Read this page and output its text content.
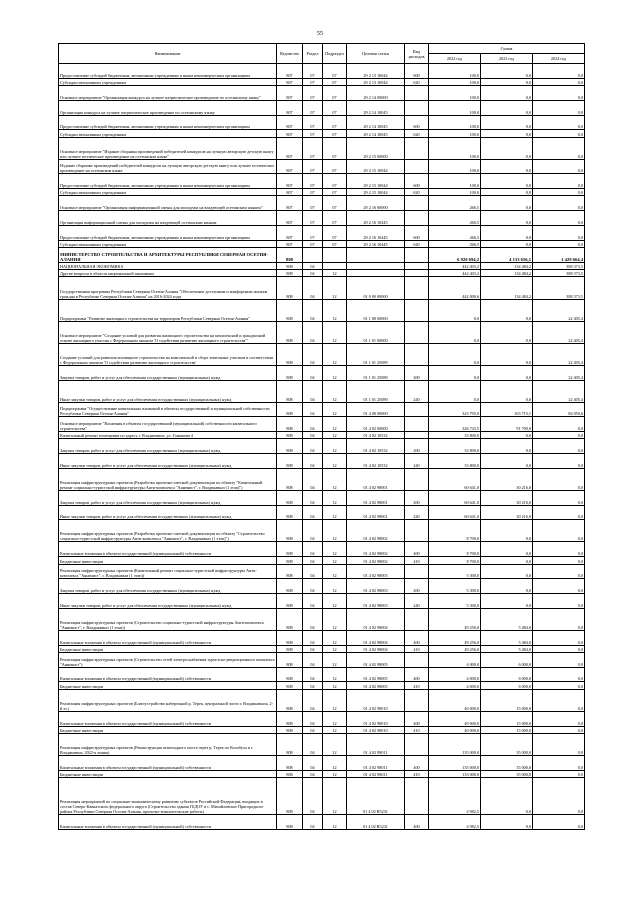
55
Наименование	Ведомство	Раздел	Подраздел	Целевая статья	Вид расходов	Сумма		
						2022 год	2023 год	2024 год
Предоставление субсидий бюджетным, автономным учреждениям и иным некоммерческим организациям	807	07	07	29 2 13 10044	600	100,0	0,0	0,0
Субсидии автономным учреждениям	807	07	07	29 2 13 10044	620	100,0	0,0	0,0
Основное мероприятие "Организация конкурса на лучшее патриотическое произведение по осетинскому языку"	807	07	07	29 2 14 00000		100,0	0,0	0,0
Организация конкурса на лучшее патриотическое произведение по осетинскому языку	807	07	07	29 2 14 10045		100,0	0,0	0,0
Предоставление субсидий бюджетным, автономным учреждениям и иным некоммерческим организациям	807	07	07	29 2 14 10045	600	100,0	0,0	0,0
Субсидии автономным учреждениям	807	07	07	29 2 14 10045	620	100,0	0,0	0,0
Основное мероприятие "Издание сборника произведений победителей конкурсов на лучшую авторскую детскую книгу или лучшее поэтическое произведение на осетинском языке"	807	07	07	29 2 15 00000		100,0	0,0	0,0
Издание сборника произведений победителей конкурсов на лучшую авторскую детскую книгу или лучшее поэтическое произведение на осетинском языке	807	07	07	29 2 15 10044		100,0	0,0	0,0
Предоставление субсидий бюджетным, автономным учреждениям и иным некоммерческим организациям	807	07	07	29 2 15 10044	600	100,0	0,0	0,0
Субсидии автономным учреждениям	807	07	07	29 2 15 10044	620	100,0	0,0	0,0
Основное мероприятие "Организация информационной смены для молодежи на владеющей осетинским языком"	807	07	07	29 2 16 00000		266,5	0,0	0,0
Организация информационной смены для молодежи на владеющей осетинским языком	807	07	07	29 2 16 10445		266,5	0,0	0,0
Предоставление субсидий бюджетным, автономным учреждениям и иным некоммерческим организациям	807	07	07	29 2 16 10445	600	266,5	0,0	0,0
Субсидии автономным учреждениям	807	07	07	29 2 16 10445	620	266,5	0,0	0,0
МИНИСТЕРСТВО СТРОИТЕЛЬСТВА И АРХИТЕКТУРЫ РЕСПУБЛИКИ СЕВЕРНАЯ ОСЕТИЯ-АЛАНИЯ	808					6 920 694,2	4 133 656,1	1 429 664,4
НАЦИОНАЛЬНАЯ ЭКОНОМИКА	808	04				442 403,2	134 484,2	388 373,5
Другие вопросы в области национальной экономики	808	04	12			442 403,2	134 484,2	388 373,5
Государственная программа Республики Северная Осетия-Алания "Обеспечение доступным и комфортным жильем граждан в Республике Северная Осетия-Алания" на 2016-2024 годы	808	04	12	01 0 00 00000		442 000,6	134 484,2	388 373,5
Подпрограмма "Развитие жилищного строительства на территории Республики Северная Осетия-Алания"	808	04	12	01 1 00 00000		0,0	0,0	22 405,4
Основное мероприятие "Создание условий для развития жилищного строительства на комплексной и грандиозной основе жилищного участия с Федеральным законом 'О содействии развитию жилищного строительства'"	808	04	12	01 1 01 00000		0,0	0,0	22 405,4
Создание условий для развития жилищного строительства на комплексной и сборе земельных участков в соответствии с Федеральным законом 'О содействии развитию жилищного строительства'	808	04	12	01 1 01 25089		0,0	0,0	22 405,4
Закупка товаров, работ и услуг для обеспечения государственных (муниципальных) нужд	808	04	12	01 1 01 25089	200	0,0	0,0	22 405,4
Иные закупки товаров, работ и услуг для обеспечения государственных (муниципальных) нужд	808	04	12	01 1 01 25089	240	0,0	0,0	22 405,4
Подпрограмма "Осуществление капитальных вложений в объекты государственной и муниципальной собственности Республики Северная Осетия-Алания"	808	04	12	01 4 00 00000		323 795,0	103 715,1	84 050,6
Основное мероприятие "Вложения в объекты государственной (муниципальной) собственности капитального строительства"	808	04	12	01 4 02 00000		326 743,5	91 700,0	0,0
Капитальный ремонт помещения по адресу г. Владикавказ, ул. Гоншкова 4	808	04	12	01 4 02 10532		33 800,0	0,0	0,0
Закупка товаров, работ и услуг для обеспечения государственных (муниципальных) нужд	808	04	12	01 4 02 10532	200	33 800,0	0,0	0,0
Иные закупки товаров, работ и услуг для обеспечения государственных (муниципальных) нужд	808	04	12	01 4 02 10532	240	33 800,0	0,0	0,0
Реализация инфраструктурных проектов (Разработка проектно-сметной документации по объекту "Капитальный ремонт социально-туристской инфраструктуры Анти-комплекса "Анненист", г. Владикавказ (1 этап)")	808	04	12	01 4 02 98001		60 641,0	30 216,0	0,0
Закупка товаров, работ и услуг для обеспечения государственных (муниципальных) нужд	808	04	12	01 4 02 98001	200	60 641,0	30 216,0	0,0
Иные закупки товаров, работ и услуг для обеспечения государственных (муниципальных) нужд	808	04	12	01 4 02 98001	240	60 641,0	30 216,0	0,0
Реализация инфраструктурных проектов (Разработка проектно-сметной документации по объекту "Строительство социально-туристской инфраструктуры Анти-комплекса "Анненист", г. Владикавказ (1 этап)")	808	04	12	01 4 02 98002		8 700,0	0,0	0,0
Капитальные вложения в объекты государственной (муниципальной) собственности	808	04	12	01 4 02 98002	400	8 700,0	0,0	0,0
Бюджетные инвестиции	808	04	12	01 4 02 98002	410	8 700,0	0,0	0,0
Реализация инфраструктурных проектов (Капитальный ремонт социально-туристской инфраструктуры Анти-комплекса "Анненист", г. Владикавказ (1 этап))	808	04	12	01 4 02 98003		5 300,0	0,0	0,0
Закупка товаров, работ и услуг для обеспечения государственных (муниципальных) нужд	808	04	12	01 4 02 98003	200	5 300,0	0,0	0,0
Иные закупки товаров, работ и услуг для обеспечения государственных (муниципальных) нужд	808	04	12	01 4 02 98003	240	5 300,0	0,0	0,0
Реализация инфраструктурных проектов (Строительство социально-туристской инфраструктуры Анти-комплекса "Анненист", г. Владикавказ (1 этап))	808	04	12	01 4 02 98004		49 256,0	5 484,0	0,0
Капитальные вложения в объекты государственной (муниципальной) собственности	808	04	12	01 4 02 98004	400	49 256,0	5 484,0	0,0
Бюджетные инвестиции	808	04	12	01 4 02 98004	410	49 256,0	5 484,0	0,0
Реализация инфраструктурных проектов (Строительство сетей электроснабжения туристско-рекреационного комплекса "Анненист")	808	04	12	01 4 02 98005		4 000,0	6 000,0	0,0
Капитальные вложения в объекты государственной (муниципальной) собственности	808	04	12	01 4 02 98005	400	4 000,0	6 000,0	0,0
Бюджетные инвестиции	808	04	12	01 4 02 98005	410	4 000,0	6 000,0	0,0
Реализация инфраструктурных проектов (Благоустройство набережной р. Терек, центральной части г. Владикавказа, 2-й эт.)	808	04	12	01 4 02 98010		40 000,0	15 000,0	0,0
Капитальные вложения в объекты государственной (муниципальной) собственности	808	04	12	01 4 02 98010	400	40 000,0	15 000,0	0,0
Бюджетные инвестиции	808	04	12	01 4 02 98010	410	40 000,0	15 000,0	0,0
Реализация инфраструктурных проектов (Реконструкция пешеходного моста через р. Терек по Колобуха в г. Владикавказ, 2022-я линия)	808	04	12	01 4 02 98011		135 000,0	35 000,0	0,0
Капитальные вложения в объекты государственной (муниципальной) собственности	808	04	12	01 4 02 98011	400	135 000,0	35 000,0	0,0
Бюджетные инвестиции	808	04	12	01 4 02 98011	410	133 000,0	35 000,0	0,0
Реализация мероприятий по социально-экономическому развитию субъектов Российской Федерации, входящих в состав Северо-Кавказского федерального округа (Строительство здания ГБДОУ в с. Михайловское Пригородного района Республики Северная Осетия-Алания, проектно-изыскательские работы)	808	04	12	01 4 02 R5231		4 982,5	0,0	0,0
Капитальные вложения в объекты государственной (муниципальной) собственности	808	04	12	01 4 02 R5231	400	4 982,5	0,0	0,0
